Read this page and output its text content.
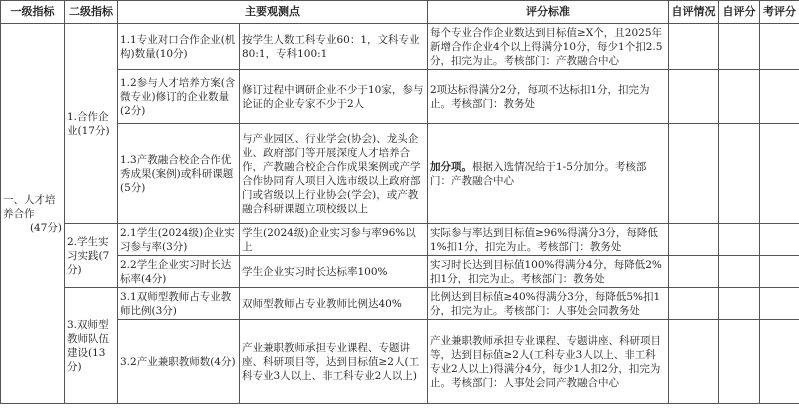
一级指标	二级指标	主要观测点		评分标准	自评情况	自评分	考评分

一、人才培养合作
(47分)	1.合作企业(17分)	1.1专业对口合作企业(机构)数量(10分)	按学生人数工科专业60：1，文科专业80:1，专科100:1	每个专业合作企业数达到目标值≥X个，且2025年新增合作企业4个以上得满分10分，每少1个扣2.5分，扣完为止。考核部门：产教融合中心			
		1.2参与人才培养方案(含微专业)修订的企业数量(2分)	修订过程中调研企业不少于10家，参与论证的企业专家不少于2人	2项达标得满分2分，每项不达标扣1分，扣完为止。考核部门：教务处			
		1.3产教融合校企合作优秀成果(案例)或科研课题(5分)	与产业园区、行业学会(协会)、龙头企业、政府部门等开展深度人才培养合作，产教融合校企合作成果案例或产学合作协同育人项目入选市级以上政府部门或省级以上行业协会(学会)，或产教融合科研课题立项校级以上	加分项。根据入选情况给于1-5分加分。考核部门：产教融合中心			
	2.学生实习实践(7分)	2.1学生(2024级)企业实习参与率(3分)	学生(2024级)企业实习参与率96%以上	实际参与率达到目标值≥96%得满分3分，每降低1%扣1分，扣完为止。考核部门：教务处			
		2.2学生企业实习时长达标率(4分)	学生企业实习时长达标率100%	实习时长达到目标值100%得满分4分，每降低2%扣1分，扣完为止。考核部门：教务处			
	3.双师型教师队伍建设(13分)	3.1双师型教师占专业教师比例(3分)	双师型教师占专业教师比例达40%	比例达到目标值≥40%得满分3分，每降低5%扣1分，扣完为止。考核部门：人事处会同教务处			
		3.2产业兼职教师数(4分)	产业兼职教师承担专业课程、专题讲座、科研项目等，达到目标值≥2人(工科专业3人以上、非工科专业2人以上)	产业兼职教师承担专业课程、专题讲座、科研项目等，达到目标值≥2人(工科专业3人以上、非工科专业2人以上)得满分4分，每少1人扣2分，扣完为止。考核部门：人事处会同产教融合中心			
